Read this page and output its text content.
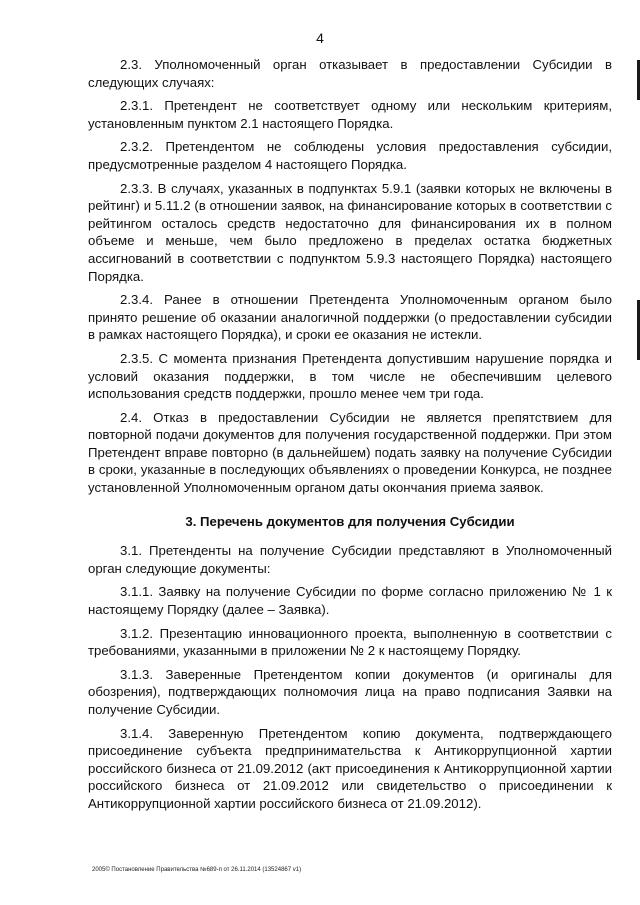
4

2.3. Уполномоченный орган отказывает в предоставлении Субсидии в следующих случаях:

2.3.1. Претендент не соответствует одному или нескольким критериям, установленным пунктом 2.1 настоящего Порядка.

2.3.2. Претендентом не соблюдены условия предоставления субсидии, предусмотренные разделом 4 настоящего Порядка.

2.3.3. В случаях, указанных в подпунктах 5.9.1 (заявки которых не включены в рейтинг) и 5.11.2 (в отношении заявок, на финансирование которых в соответствии с рейтингом осталось средств недостаточно для финансирования их в полном объеме и меньше, чем было предложено в пределах остатка бюджетных ассигнований в соответствии с подпунктом 5.9.3 настоящего Порядка) настоящего Порядка.

2.3.4. Ранее в отношении Претендента Уполномоченным органом было принято решение об оказании аналогичной поддержки (о предоставлении субсидии в рамках настоящего Порядка), и сроки ее оказания не истекли.

2.3.5. С момента признания Претендента допустившим нарушение порядка и условий оказания поддержки, в том числе не обеспечившим целевого использования средств поддержки, прошло менее чем три года.

2.4. Отказ в предоставлении Субсидии не является препятствием для повторной подачи документов для получения государственной поддержки. При этом Претендент вправе повторно (в дальнейшем) подать заявку на получение Субсидии в сроки, указанные в последующих объявлениях о проведении Конкурса, не позднее установленной Уполномоченным органом даты окончания приема заявок.

3. Перечень документов для получения Субсидии

3.1. Претенденты на получение Субсидии представляют в Уполномоченный орган следующие документы:

3.1.1. Заявку на получение Субсидии по форме согласно приложению № 1 к настоящему Порядку (далее – Заявка).

3.1.2. Презентацию инновационного проекта, выполненную в соответствии с требованиями, указанными в приложении № 2 к настоящему Порядку.

3.1.3. Заверенные Претендентом копии документов (и оригиналы для обозрения), подтверждающих полномочия лица на право подписания Заявки на получение Субсидии.

3.1.4. Заверенную Претендентом копию документа, подтверждающего присоединение субъекта предпринимательства к Антикоррупционной хартии российского бизнеса от 21.09.2012 (акт присоединения к Антикоррупционной хартии российского бизнеса от 21.09.2012 или свидетельство о присоединении к Антикоррупционной хартии российского бизнеса от 21.09.2012).

2005© Постановление Правительства №689-п от 26.11.2014 (13524867 v1)
